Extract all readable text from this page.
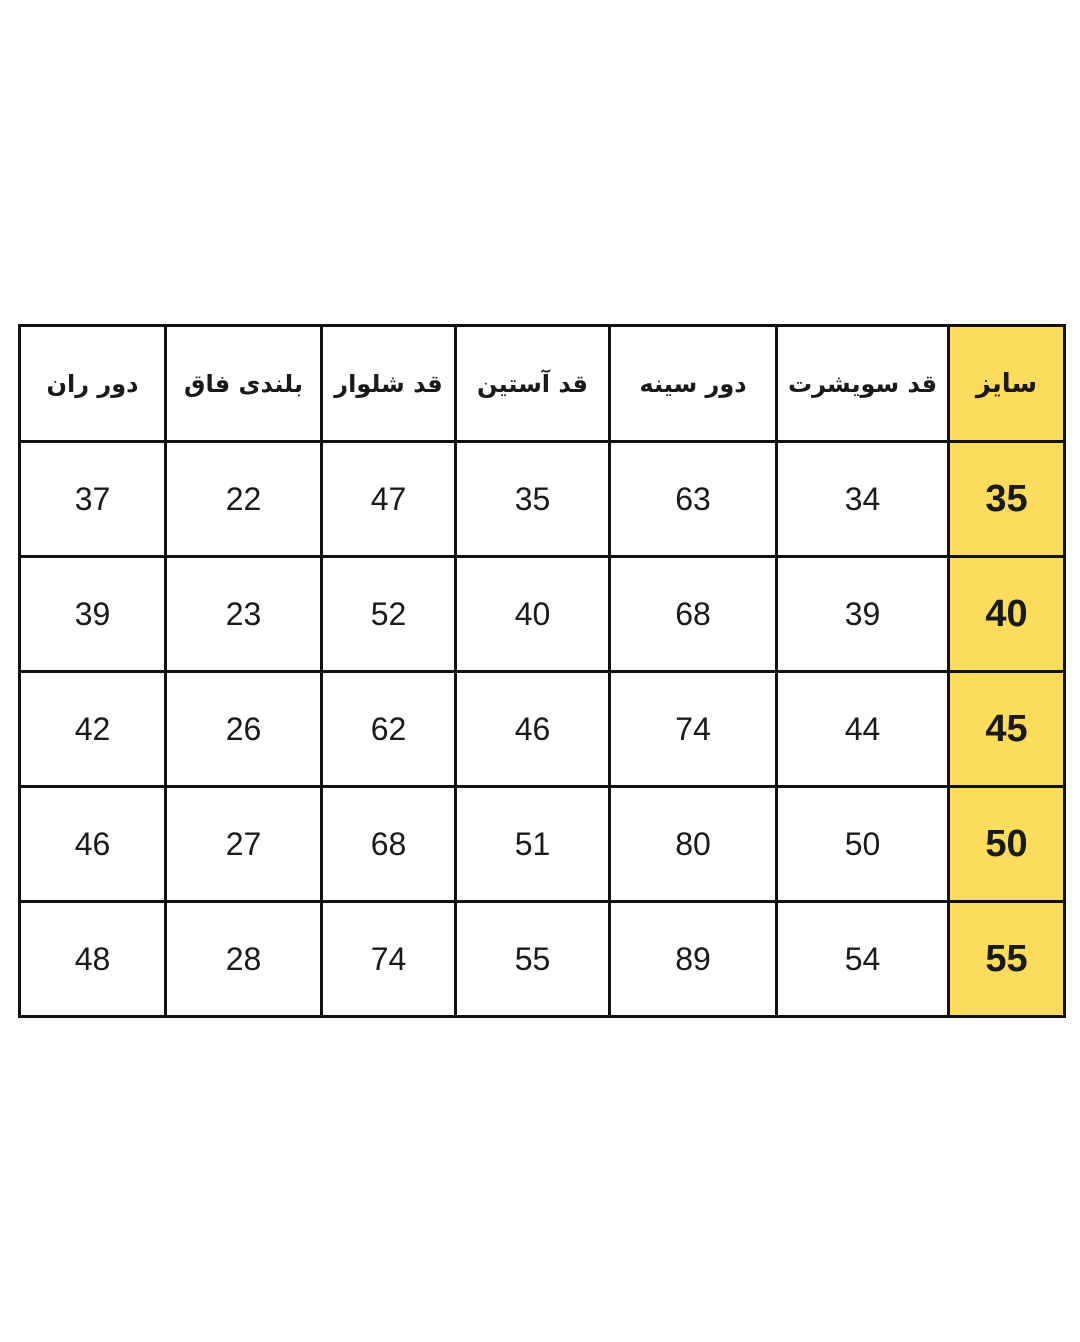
دور ران	بلندی فاق	قد شلوار	قد آستین	دور سینه	قد سویشرت	سایز
37	22	47	35	63	34	35
39	23	52	40	68	39	40
42	26	62	46	74	44	45
46	27	68	51	80	50	50
48	28	74	55	89	54	55
